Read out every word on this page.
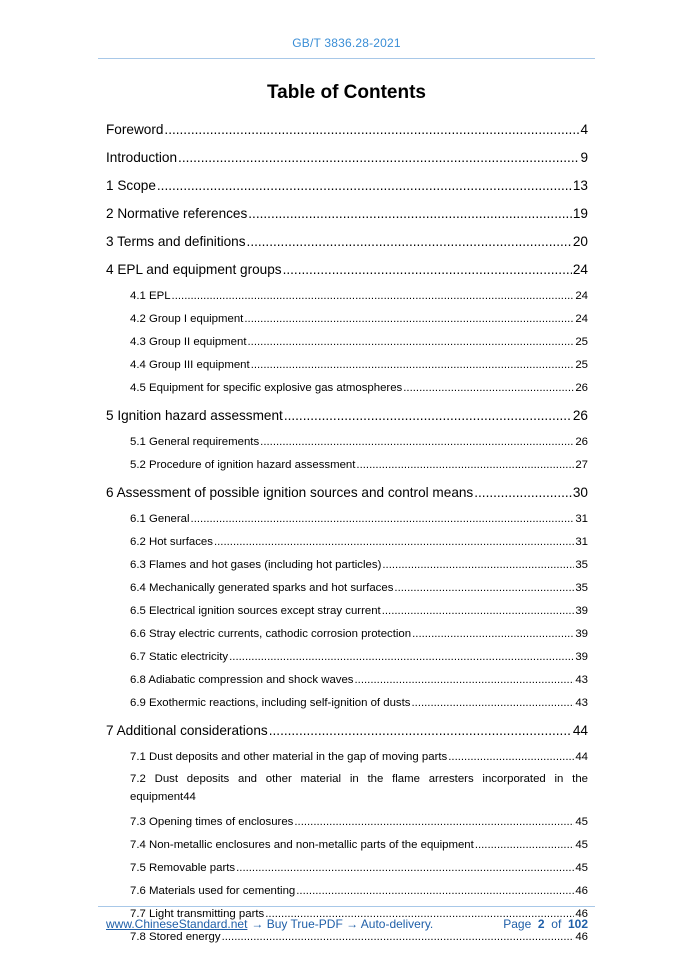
GB/T 3836.28-2021
Table of Contents
Foreword .....	4
Introduction .....	9
1 Scope .....	13
2 Normative references .....	19
3 Terms and definitions .....	20
4 EPL and equipment groups .....	24
4.1 EPL .....	24
4.2 Group I equipment .....	24
4.3 Group II equipment .....	25
4.4 Group III equipment .....	25
4.5 Equipment for specific explosive gas atmospheres .....	26
5 Ignition hazard assessment .....	26
5.1 General requirements .....	26
5.2 Procedure of ignition hazard assessment .....	27
6 Assessment of possible ignition sources and control means .....	30
6.1 General .....	31
6.2 Hot surfaces .....	31
6.3 Flames and hot gases (including hot particles) .....	35
6.4 Mechanically generated sparks and hot surfaces .....	35
6.5 Electrical ignition sources except stray current .....	39
6.6 Stray electric currents, cathodic corrosion protection .....	39
6.7 Static electricity .....	39
6.8 Adiabatic compression and shock waves .....	43
6.9 Exothermic reactions, including self-ignition of dusts .....	43
7 Additional considerations .....	44
7.1 Dust deposits and other material in the gap of moving parts .....	44
7.2 Dust deposits and other material in the flame arresters incorporated in the
equipment 44
7.3 Opening times of enclosures .....	45
7.4 Non-metallic enclosures and non-metallic parts of the equipment .....	45
7.5 Removable parts .....	45
7.6 Materials used for cementing .....	46
7.7 Light transmitting parts .....	46
7.8 Stored energy .....	46
www.ChineseStandard.net → Buy True-PDF → Auto-delivery.	Page 2 of 102
